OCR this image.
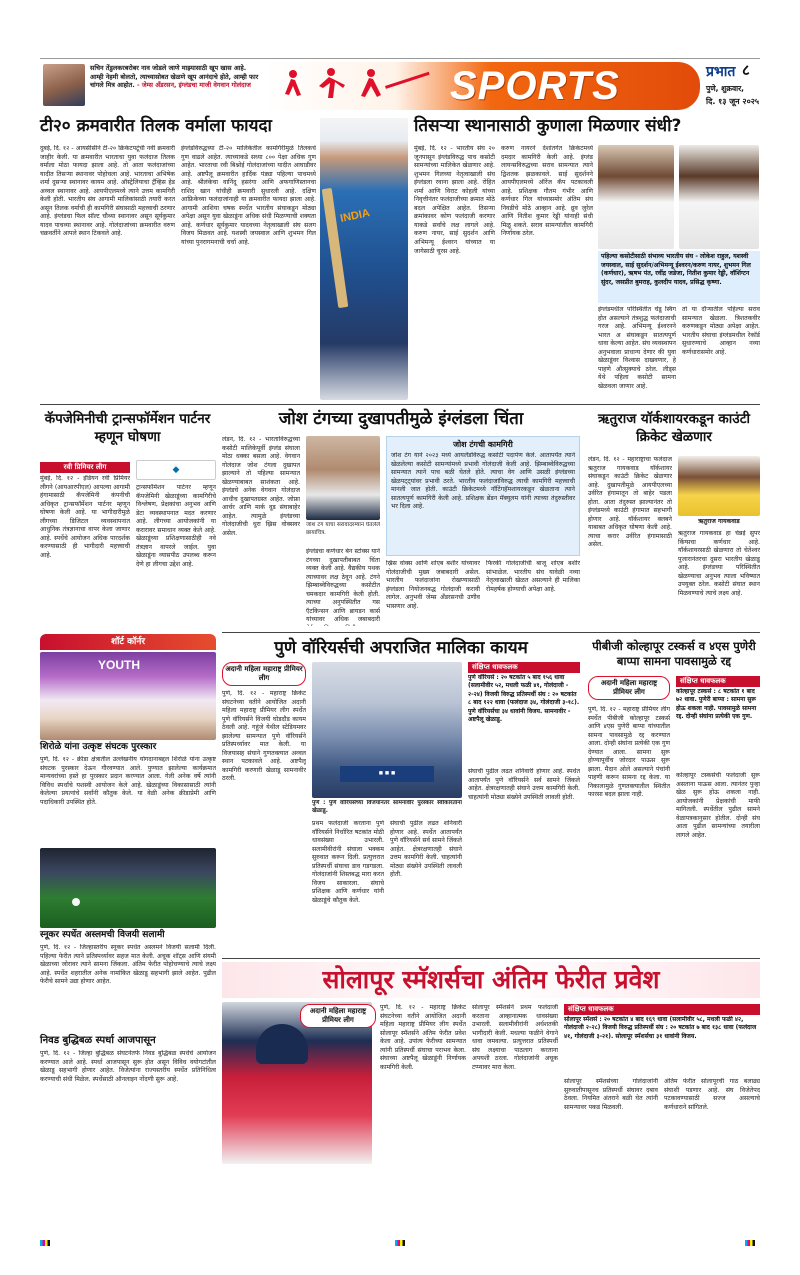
सचिन तेंडुलकरबरोबर नाव जोडले जाणे माझ्यासाठी खूप खास आहे. आम्ही नेहमी बोलतो, त्याच्यासोबत खेळणे खूप आनंदाचे होते, आम्ही फार चांगले मित्र आहोत. - जेम्स अँडरसन, इंग्लंडचा माजी वेगवान गोलंदाज	SPORTS	प्रभात ८
पुणे, शुक्रवार,
दि. १३ जून २०२५
टी२० क्रमवारीत तिलक वर्माला फायदा
दुबई, दि. १२ - आयसीसीने टी-२० क्रिकेटपटूंची नवी क्रमवारी जाहीर केली. या क्रमवारीत भारताचा युवा फलंदाज तिलक वर्माला मोठा फायदा झाला आहे. तो आता फलंदाजांच्या यादीत तिसऱ्या स्थानावर पोहोचला आहे. भारताचा अभिषेक शर्मा दुसऱ्या स्थानावर कायम आहे. ऑस्ट्रेलियाचा ट्रॅव्हिस हेड अव्वल स्थानावर आहे. आयपीएलमध्ये त्याने उत्तम कामगिरी केली होती. भारतीय संघ आगामी मालिकांसाठी तयारी करत असून तिलक वर्माची ही कामगिरी संघासाठी महत्त्वाची ठरणार आहे. इंग्लंडचा फिल सॉल्ट चौथ्या स्थानावर असून सूर्यकुमार यादव पाचव्या स्थानावर आहे. गोलंदाजांच्या क्रमवारीत वरुण चक्रवर्तीने आपले स्थान टिकवले आहे.
इंग्लंडविरुद्धच्या टी-२० मालिकेतील कामगिरीमुळे तिलकचे गुण वाढले आहेत. त्याच्याकडे सध्या ८०० पेक्षा अधिक गुण आहेत. भारताचा रवी बिश्नोई गोलंदाजांच्या यादीत आघाडीवर आहे. अष्टपैलू क्रमवारीत हार्दिक पंड्या पहिल्या पाचमध्ये आहे. श्रीलंकेचा वानिंदू हसरंगा आणि अफगाणिस्तानचा राशिद खान यांचीही क्रमवारी सुधारली आहे. दक्षिण आफ्रिकेच्या फलंदाजांनाही या क्रमवारीत फायदा झाला आहे. आगामी आशिया चषक स्पर्धेत भारतीय संघाकडून मोठ्या अपेक्षा असून युवा खेळाडूंना अधिक संधी मिळण्याची शक्यता आहे. कर्णधार सूर्यकुमार यादवच्या नेतृत्वाखाली संघ सलग विजय मिळवत आहे. यशस्वी जयस्वाल आणि शुभमन गिल यांच्या पुनरागमनाची चर्चा आहे.
INDIA
तिसऱ्या स्थानासाठी कुणाला मिळणार संधी?
मुंबई, दि. १२ - भारतीय संघ २० जूनपासून इंग्लंडविरुद्ध पाच कसोटी सामन्यांच्या मालिकेत खेळणार आहे. शुभमन गिलच्या नेतृत्वाखाली संघ इंग्लंडला रवाना झाला आहे. रोहित शर्मा आणि विराट कोहली यांच्या निवृत्तीनंतर फलंदाजीच्या क्रमात मोठे बदल अपेक्षित आहेत. तिसऱ्या क्रमांकावर कोण फलंदाजी करणार याकडे सर्वांचे लक्ष लागले आहे. करुण नायर, साई सुदर्शन आणि अभिमन्यू ईश्वरन यांच्यात या जागेसाठी चुरस आहे.
करुण नायरने देशांतर्गत क्रिकेटमध्ये दमदार कामगिरी केली आहे. इंग्लंड लायन्सविरुद्धच्या सराव सामन्यात त्याने द्विशतक झळकावले. साई सुदर्शनने आयपीएलमध्ये ऑरेंज कॅप पटकावली आहे. प्रशिक्षक गौतम गंभीर आणि कर्णधार गिल यांच्यासमोर अंतिम संघ निवडीचे मोठे आव्हान आहे. ध्रुव जुरेल आणि नितीश कुमार रेड्डी यांनाही संधी मिळू शकते. सराव सामन्यांतील कामगिरी निर्णायक ठरेल.
पहिल्या कसोटीसाठी संभाव्य भारतीय संघ - लोकेश राहुल, यशस्वी जयस्वाल, साई सुदर्शन/अभिमन्यू ईश्वरन/करुण नायर, शुभमन गिल (कर्णधार), ऋषभ पंत, रवींद्र जडेजा, नितीश कुमार रेड्डी, वॉशिंग्टन सुंदर, जसप्रीत बुमराह, कुलदीप यादव, प्रसिद्ध कृष्णा.
इंग्लंडमधील परिस्थितीत चेंडू स्विंग होत असल्याने तंत्रशुद्ध फलंदाजाची गरज आहे. अभिमन्यू ईश्वरनने भारत अ संघाकडून सातत्यपूर्ण धावा केल्या आहेत. संघ व्यवस्थापन अनुभवाला प्राधान्य देणार की युवा खेळाडूंवर विश्वास दाखवणार, हे पाहणे औत्सुक्याचे ठरेल. लीड्स येथे पहिला कसोटी सामना खेळवला जाणार आहे.
तो या दौऱ्यातील पहिल्या सराव सामन्यात खेळला. त्रिशतकवीर करुणकडून मोठ्या अपेक्षा आहेत. भारतीय संघाचा इंग्लंडमधील रेकॉर्ड सुधारण्याचे आव्हान नव्या कर्णधारासमोर आहे.
कॅपजेमिनीची ट्रान्सफॉर्मेशन पार्टनर म्हणून घोषणा
रवी प्रिमियर लीग
मुंबई, दि. १२ - इंडियन रवी प्रिमियर लीगने (आयआरपीएल) आपल्या आगामी हंगामासाठी कॅपजेमिनी कंपनीची अधिकृत ट्रान्सफॉर्मेशन पार्टनर म्हणून घोषणा केली आहे. या भागीदारीमुळे लीगच्या डिजिटल व्यवस्थापनात आधुनिक तंत्रज्ञानाचा वापर केला जाणार आहे. स्पर्धेचे आयोजन अधिक पारदर्शक करण्यासाठी ही भागीदारी महत्त्वाची आहे.
◆
ट्रान्सफॉर्मेशन पार्टनर म्हणून कॅपजेमिनी खेळाडूंच्या कामगिरीचे विश्लेषण, प्रेक्षकांचा अनुभव आणि डेटा व्यवस्थापनात मदत करणार आहे. लीगच्या आयोजकांनी या करारावर समाधान व्यक्त केले आहे. खेळाडूंच्या प्रशिक्षणासाठीही नवे तंत्रज्ञान वापरले जाईल. युवा खेळाडूंना व्यासपीठ उपलब्ध करून देणे हा लीगचा उद्देश आहे.
शॉर्ट कॉर्नर
YOUTH
शिरोळे यांना उत्कृष्ट संघटक पुरस्कार
पुणे, दि. १२ - क्रीडा क्षेत्रातील उल्लेखनीय योगदानाबद्दल शिरोळे यांना उत्कृष्ट संघटक पुरस्कार देऊन गौरवण्यात आले. पुण्यात झालेल्या कार्यक्रमात मान्यवरांच्या हस्ते हा पुरस्कार प्रदान करण्यात आला. गेली अनेक वर्षे त्यांनी विविध स्पर्धांचे यशस्वी आयोजन केले आहे. खेळाडूंच्या विकासासाठी त्यांनी केलेल्या प्रयत्नांचे सर्वांनी कौतुक केले. या वेळी अनेक क्रीडाप्रेमी आणि पदाधिकारी उपस्थित होते.
स्नूकर स्पर्धेत अस्लमची विजयी सलामी
पुणे, दि. १२ - जिल्हास्तरीय स्नूकर स्पर्धेत अस्लमने विजयी सलामी दिली. पहिल्या फेरीत त्याने प्रतिस्पर्ध्यावर सहज मात केली. अचूक शॉट्स आणि संयमी खेळाच्या जोरावर त्याने सामना जिंकला. अंतिम फेरीत पोहोचण्याचे त्याचे लक्ष्य आहे. स्पर्धेत शहरातील अनेक नामांकित खेळाडू सहभागी झाले आहेत. पुढील फेरीचे सामने उद्या होणार आहेत.
निवड बुद्धिबळ स्पर्धा आजपासून
पुणे, दि. १२ - जिल्हा बुद्धिबळ संघटनेतर्फे निवड बुद्धिबळ स्पर्धेचे आयोजन करण्यात आले आहे. स्पर्धा आजपासून सुरू होत असून विविध वयोगटांतील खेळाडू सहभागी होणार आहेत. विजेत्यांना राज्यस्तरीय स्पर्धेत प्रतिनिधित्व करण्याची संधी मिळेल. स्पर्धेसाठी ऑनलाइन नोंदणी सुरू आहे.
जोश टंगच्या दुखापतीमुळे इंग्लंडला चिंता
लंडन, दि. १२ - भारताविरुद्धच्या कसोटी मालिकेपूर्वी इंग्लंड संघाला मोठा धक्का बसला आहे. वेगवान गोलंदाज जोश टंगला दुखापत झाल्याने तो पहिल्या सामन्यात खेळण्याबाबत साशंकता आहे. इंग्लंडचे अनेक वेगवान गोलंदाज आधीच दुखापतग्रस्त आहेत. जोफ्रा आर्चर आणि मार्क वूड संघाबाहेर आहेत. त्यामुळे इंग्लंडच्या गोलंदाजीची धुरा ख्रिस वोक्सवर असेल.
जोश टंग याचा सरावादरम्यान घेतलेले छायाचित्र.
इंग्लंडचा कर्णधार बेन स्टोक्स याने टंगच्या दुखापतीबाबत चिंता व्यक्त केली आहे. वैद्यकीय पथक त्याच्यावर लक्ष ठेवून आहे. टंगने झिम्बाब्वेविरुद्धच्या कसोटीत चमकदार कामगिरी केली होती. त्याच्या अनुपस्थितीत गस ऍटकिन्सन आणि ब्रायडन कार्स यांच्यावर अधिक जबाबदारी
जोश टंगची कामगिरी
जोश टंग याने २०२३ मध्ये आयर्लंडविरुद्ध कसोटी पदार्पण केले. आतापर्यंत त्याने खेळलेल्या कसोटी सामन्यांमध्ये प्रभावी गोलंदाजी केली आहे. झिम्बाब्वेविरुद्धच्या सामन्यात त्याने पाच बळी घेतले होते. त्याचा वेग आणि उसळी इंग्लंडच्या खेळपट्ट्यांवर प्रभावी ठरते. भारतीय फलंदाजांविरुद्ध त्याची कामगिरी महत्त्वाची मानली जात होती. काउंटी क्रिकेटमध्ये नॉटिंगहॅमशायरकडून खेळताना त्याने सातत्यपूर्ण कामगिरी केली आहे. प्रशिक्षक ब्रेंडन मॅक्युलम यांनी त्याच्या तंदुरुस्तीवर भर दिला आहे.
ख्रिस वोक्स आणि शोएब बशीर यांच्यावर गोलंदाजीची मुख्य जबाबदारी असेल. भारतीय फलंदाजांना रोखण्यासाठी इंग्लंडला नियोजनबद्ध गोलंदाजी करावी लागेल. अनुभवी जेम्स अँडरसनची उणीव भासणार आहे.
फिरकी गोलंदाजीची बाजू शोएब बशीर सांभाळेल. भारतीय संघ यावेळी नव्या नेतृत्वाखाली खेळत असल्याने ही मालिका रोमहर्षक होण्याची अपेक्षा आहे.
ऋतुराज यॉर्कशायरकडून काउंटी क्रिकेट खेळणार
लंडन, दि. १२ - महाराष्ट्राचा फलंदाज ऋतुराज गायकवाड यॉर्कशायर संघाकडून काउंटी क्रिकेट खेळणार आहे. दुखापतीमुळे आयपीएलच्या उर्वरित हंगामातून तो बाहेर पडला होता. आता तंदुरुस्त झाल्यानंतर तो इंग्लंडमध्ये काउंटी हंगामात सहभागी होणार आहे. यॉर्कशायर क्लबने याबाबत अधिकृत घोषणा केली आहे. त्याचा करार उर्वरित हंगामासाठी असेल.
ऋतुराज गायकवाड
ऋतुराज गायकवाड हा चेन्नई सुपर किंग्सचा कर्णधार आहे. यॉर्कशायरसाठी खेळणारा तो चेतेश्वर पुजारानंतरचा दुसरा भारतीय खेळाडू आहे. इंग्लंडच्या परिस्थितीत खेळण्याचा अनुभव त्याला भविष्यात उपयुक्त ठरेल. कसोटी संघात स्थान मिळवण्याचे त्याचे लक्ष्य आहे.
पुणे वॉरियर्सची अपराजित मालिका कायम
अदानी महिला महाराष्ट्र प्रीमियर लीग
पुणे, दि. १२ - महाराष्ट्र क्रिकेट संघटनेच्या वतीने आयोजित अदानी महिला महाराष्ट्र प्रीमियर लीग स्पर्धेत पुणे वॉरियर्सने विजयी घोडदौड कायम ठेवली आहे. गहुंजे येथील स्टेडियमवर झालेल्या सामन्यात पुणे वॉरियर्सने प्रतिस्पर्ध्यावर मात केली. या विजयासह संघाने गुणतक्त्यात अव्वल स्थान पटकावले आहे. अष्टपैलू कामगिरी करणारी खेळाडू सामनावीर ठरली.
■ ■ ■
पुणे : पुणे वॉरियर्सच्या विजयानंतर सामनावीर पुरस्कार स्वीकारताना खेळाडू.
प्रथम फलंदाजी करताना पुणे वॉरियर्सने निर्धारित षटकांत मोठी धावसंख्या उभारली. सलामीवीरांनी संघाला भक्कम सुरुवात करून दिली. प्रत्युत्तरात प्रतिस्पर्धी संघाचा डाव गडगडला. गोलंदाजांनी शिस्तबद्ध मारा करत विजय साकारला. संघाचे प्रशिक्षक आणि कर्णधार यांनी खेळाडूंचे कौतुक केले.
संघाची पुढील लढत शनिवारी होणार आहे. स्पर्धेत आतापर्यंत पुणे वॉरियर्सने सर्व सामने जिंकले आहेत. क्षेत्ररक्षणातही संघाने उत्तम कामगिरी केली. चाहत्यांनी मोठ्या संख्येने उपस्थिती लावली होती.
संक्षिप्त धावफलक
पुणे वॉरियर्स : २० षटकांत ५ बाद १५६ धावा (सलामीवीर ५२, मधली फळी ४१, गोलंदाजी - २-२४) विजयी विरुद्ध प्रतिस्पर्धी संघ : २० षटकांत ८ बाद १२२ धावा (फलंदाज ३४, गोलंदाजी ३-१८). पुणे वॉरियर्सचा ३४ धावांनी विजय. सामनावीर - अष्टपैलू खेळाडू.
संघाची पुढील लढत शनिवारी होणार आहे. स्पर्धेत आतापर्यंत पुणे वॉरियर्सने सर्व सामने जिंकले आहेत. क्षेत्ररक्षणातही संघाने उत्तम कामगिरी केली. चाहत्यांनी मोठ्या संख्येने उपस्थिती लावली होती.
पीबीजी कोल्हापूर टस्कर्स व ४एस पुणेरी बाप्पा सामना पावसामुळे रद्द
अदानी महिला महाराष्ट्र प्रीमियर लीग
पुणे, दि. १२ - महाराष्ट्र प्रीमियर लीग स्पर्धेत पीबीजी कोल्हापूर टस्कर्स आणि ४एस पुणेरी बाप्पा यांच्यातील सामना पावसामुळे रद्द करण्यात आला. दोन्ही संघांना प्रत्येकी एक गुण देण्यात आला. सामना सुरू होण्यापूर्वीच जोरदार पाऊस सुरू झाला. मैदान ओले असल्याने पंचांनी पाहणी करून सामना रद्द केला. या निकालामुळे गुणतक्त्यातील स्थितीत फारसा बदल झाला नाही.
संक्षिप्त धावफलक
कोल्हापूर टस्कर्स : ८ षटकांत १ बाद ७२ धावा. पुणेरी बाप्पा : सामना सुरू होऊ शकला नाही. पावसामुळे सामना रद्द. दोन्ही संघांना प्रत्येकी एक गुण.
कोल्हापूर टस्कर्सची फलंदाजी सुरू असताना पाऊस आला. त्यानंतर पुन्हा खेळ सुरू होऊ शकला नाही. आयोजकांनी प्रेक्षकांची माफी मागितली. स्पर्धेतील पुढील सामने वेळापत्रकानुसार होतील. दोन्ही संघ आता पुढील सामन्यांच्या तयारीला लागले आहेत.
सोलापूर स्मॅशर्सचा अंतिम फेरीत प्रवेश
अदानी महिला महाराष्ट्र प्रीमियर लीग
पुणे, दि. १२ - महाराष्ट्र क्रिकेट संघटनेच्या वतीने आयोजित अदानी महिला महाराष्ट्र प्रीमियर लीग स्पर्धेत सोलापूर स्मॅशर्सने अंतिम फेरीत प्रवेश केला आहे. उपांत्य फेरीच्या सामन्यात त्यांनी प्रतिस्पर्धी संघाचा पराभव केला. संघाच्या अष्टपैलू खेळाडूंनी निर्णायक कामगिरी केली.
सोलापूर स्मॅशर्सने प्रथम फलंदाजी करताना आव्हानात्मक धावसंख्या उभारली. सलामीवीरांनी अर्धशतकी भागीदारी केली. मधल्या फळीने वेगाने धावा जमवल्या. प्रत्युत्तरात प्रतिस्पर्धी संघ लक्ष्याचा पाठलाग करताना अपयशी ठरला. गोलंदाजांनी अचूक टप्प्यावर मारा केला.
संक्षिप्त धावफलक
सोलापूर स्मॅशर्स : २० षटकांत ४ बाद १६९ धावा (सलामीवीर ५८, मधली फळी ४२, गोलंदाजी २-२८) विजयी विरुद्ध प्रतिस्पर्धी संघ : २० षटकांत ७ बाद १३८ धावा (फलंदाज ४१, गोलंदाजी ३-२१). सोलापूर स्मॅशर्सचा ३१ धावांनी विजय.
सोलापूर स्मॅशर्सच्या गोलंदाजांनी सुरुवातीपासूनच प्रतिस्पर्धी संघावर दबाव ठेवला. नियमित अंतराने बळी घेत त्यांनी सामन्यावर पकड मिळवली.
अंतिम फेरीत सोलापूरची गाठ बलाढ्य संघाशी पडणार आहे. संघ विजेतेपद पटकावण्यासाठी सज्ज असल्याचे कर्णधाराने सांगितले.
